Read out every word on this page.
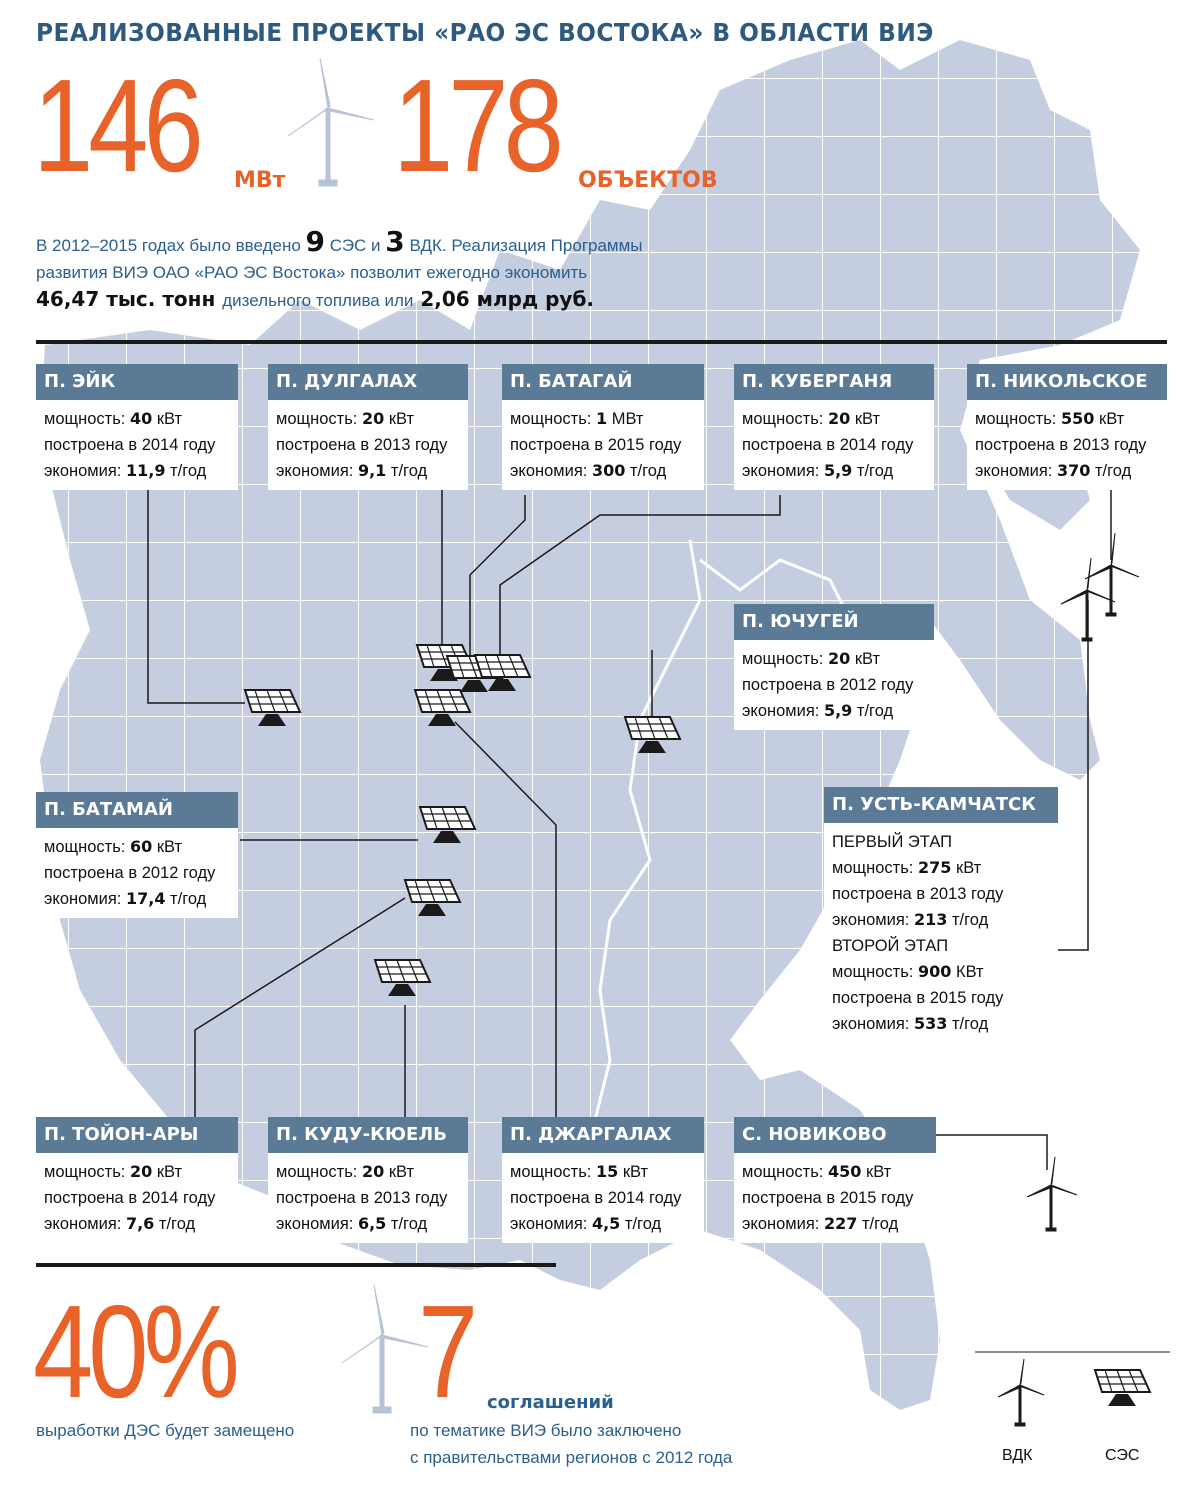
РЕАЛИЗОВАННЫЕ ПРОЕКТЫ «РАО ЭС ВОСТОКА» В ОБЛАСТИ ВИЭ
146 МВт 178 ОБЪЕКТОВ
В 2012–2015 годах было введено 9 СЭС и 3 ВДК. Реализация Программы
развития ВИЭ ОАО «РАО ЭС Востока» позволит ежегодно экономить
46,47 тыс. тонн дизельного топлива или 2,06 млрд руб.
П. ЭЙК
мощность: 40 кВт
построена в 2014 году
экономия: 11,9 т/год
П. ДУЛГАЛАХ
мощность: 20 кВт
построена в 2013 году
экономия: 9,1 т/год
П. БАТАГАЙ
мощность: 1 МВт
построена в 2015 году
экономия: 300 т/год
П. КУБЕРГАНЯ
мощность: 20 кВт
построена в 2014 году
экономия: 5,9 т/год
П. НИКОЛЬСКОЕ
мощность: 550 кВт
построена в 2013 году
экономия: 370 т/год
П. ЮЧУГЕЙ
мощность: 20 кВт
построена в 2012 году
экономия: 5,9 т/год
П. БАТАМАЙ
мощность: 60 кВт
построена в 2012 году
экономия: 17,4 т/год
П. ТОЙОН-АРЫ
мощность: 20 кВт
построена в 2014 году
экономия: 7,6 т/год
П. КУДУ-КЮЕЛЬ
мощность: 20 кВт
построена в 2013 году
экономия: 6,5 т/год
П. ДЖАРГАЛАХ
мощность: 15 кВт
построена в 2014 году
экономия: 4,5 т/год
С. НОВИКОВО
мощность: 450 кВт
построена в 2015 году
экономия: 227 т/год
П. УСТЬ-КАМЧАТСК
ПЕРВЫЙ ЭТАП
мощность: 275 кВт
построена в 2013 году
экономия: 213 т/год
ВТОРОЙ ЭТАП
мощность: 900 КВт
построена в 2015 году
экономия: 533 т/год
40%
выработки ДЭС будет замещено
7 соглашений
по тематике ВИЭ было заключено
с правительствами регионов с 2012 года	ВДК	СЭС
